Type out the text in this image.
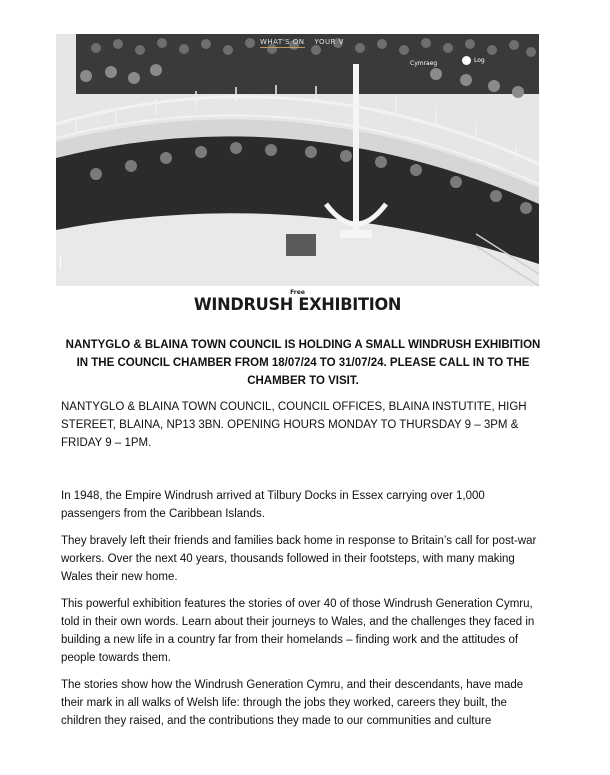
WHAT'S ON YOUR V
Cymraeg	Log
Free
WINDRUSH EXHIBITION
NANTYGLO & BLAINA TOWN COUNCIL IS HOLDING A SMALL WINDRUSH EXHIBITION IN THE COUNCIL CHAMBER FROM 18/07/24 TO 31/07/24. PLEASE CALL IN TO THE CHAMBER TO VISIT.
NANTYGLO & BLAINA TOWN COUNCIL, COUNCIL OFFICES, BLAINA INSTUTITE, HIGH STEREET, BLAINA, NP13 3BN. OPENING HOURS MONDAY TO THURSDAY 9 – 3PM & FRIDAY 9 – 1PM.

In 1948, the Empire Windrush arrived at Tilbury Docks in Essex carrying over 1,000 passengers from the Caribbean Islands.

They bravely left their friends and families back home in response to Britain’s call for post-war workers. Over the next 40 years, thousands followed in their footsteps, with many making Wales their new home.

This powerful exhibition features the stories of over 40 of those Windrush Generation Cymru, told in their own words. Learn about their journeys to Wales, and the challenges they faced in building a new life in a country far from their homelands – finding work and the attitudes of people towards them.

The stories show how the Windrush Generation Cymru, and their descendants, have made their mark in all walks of Welsh life: through the jobs they worked, careers they built, the children they raised, and the contributions they made to our communities and culture
